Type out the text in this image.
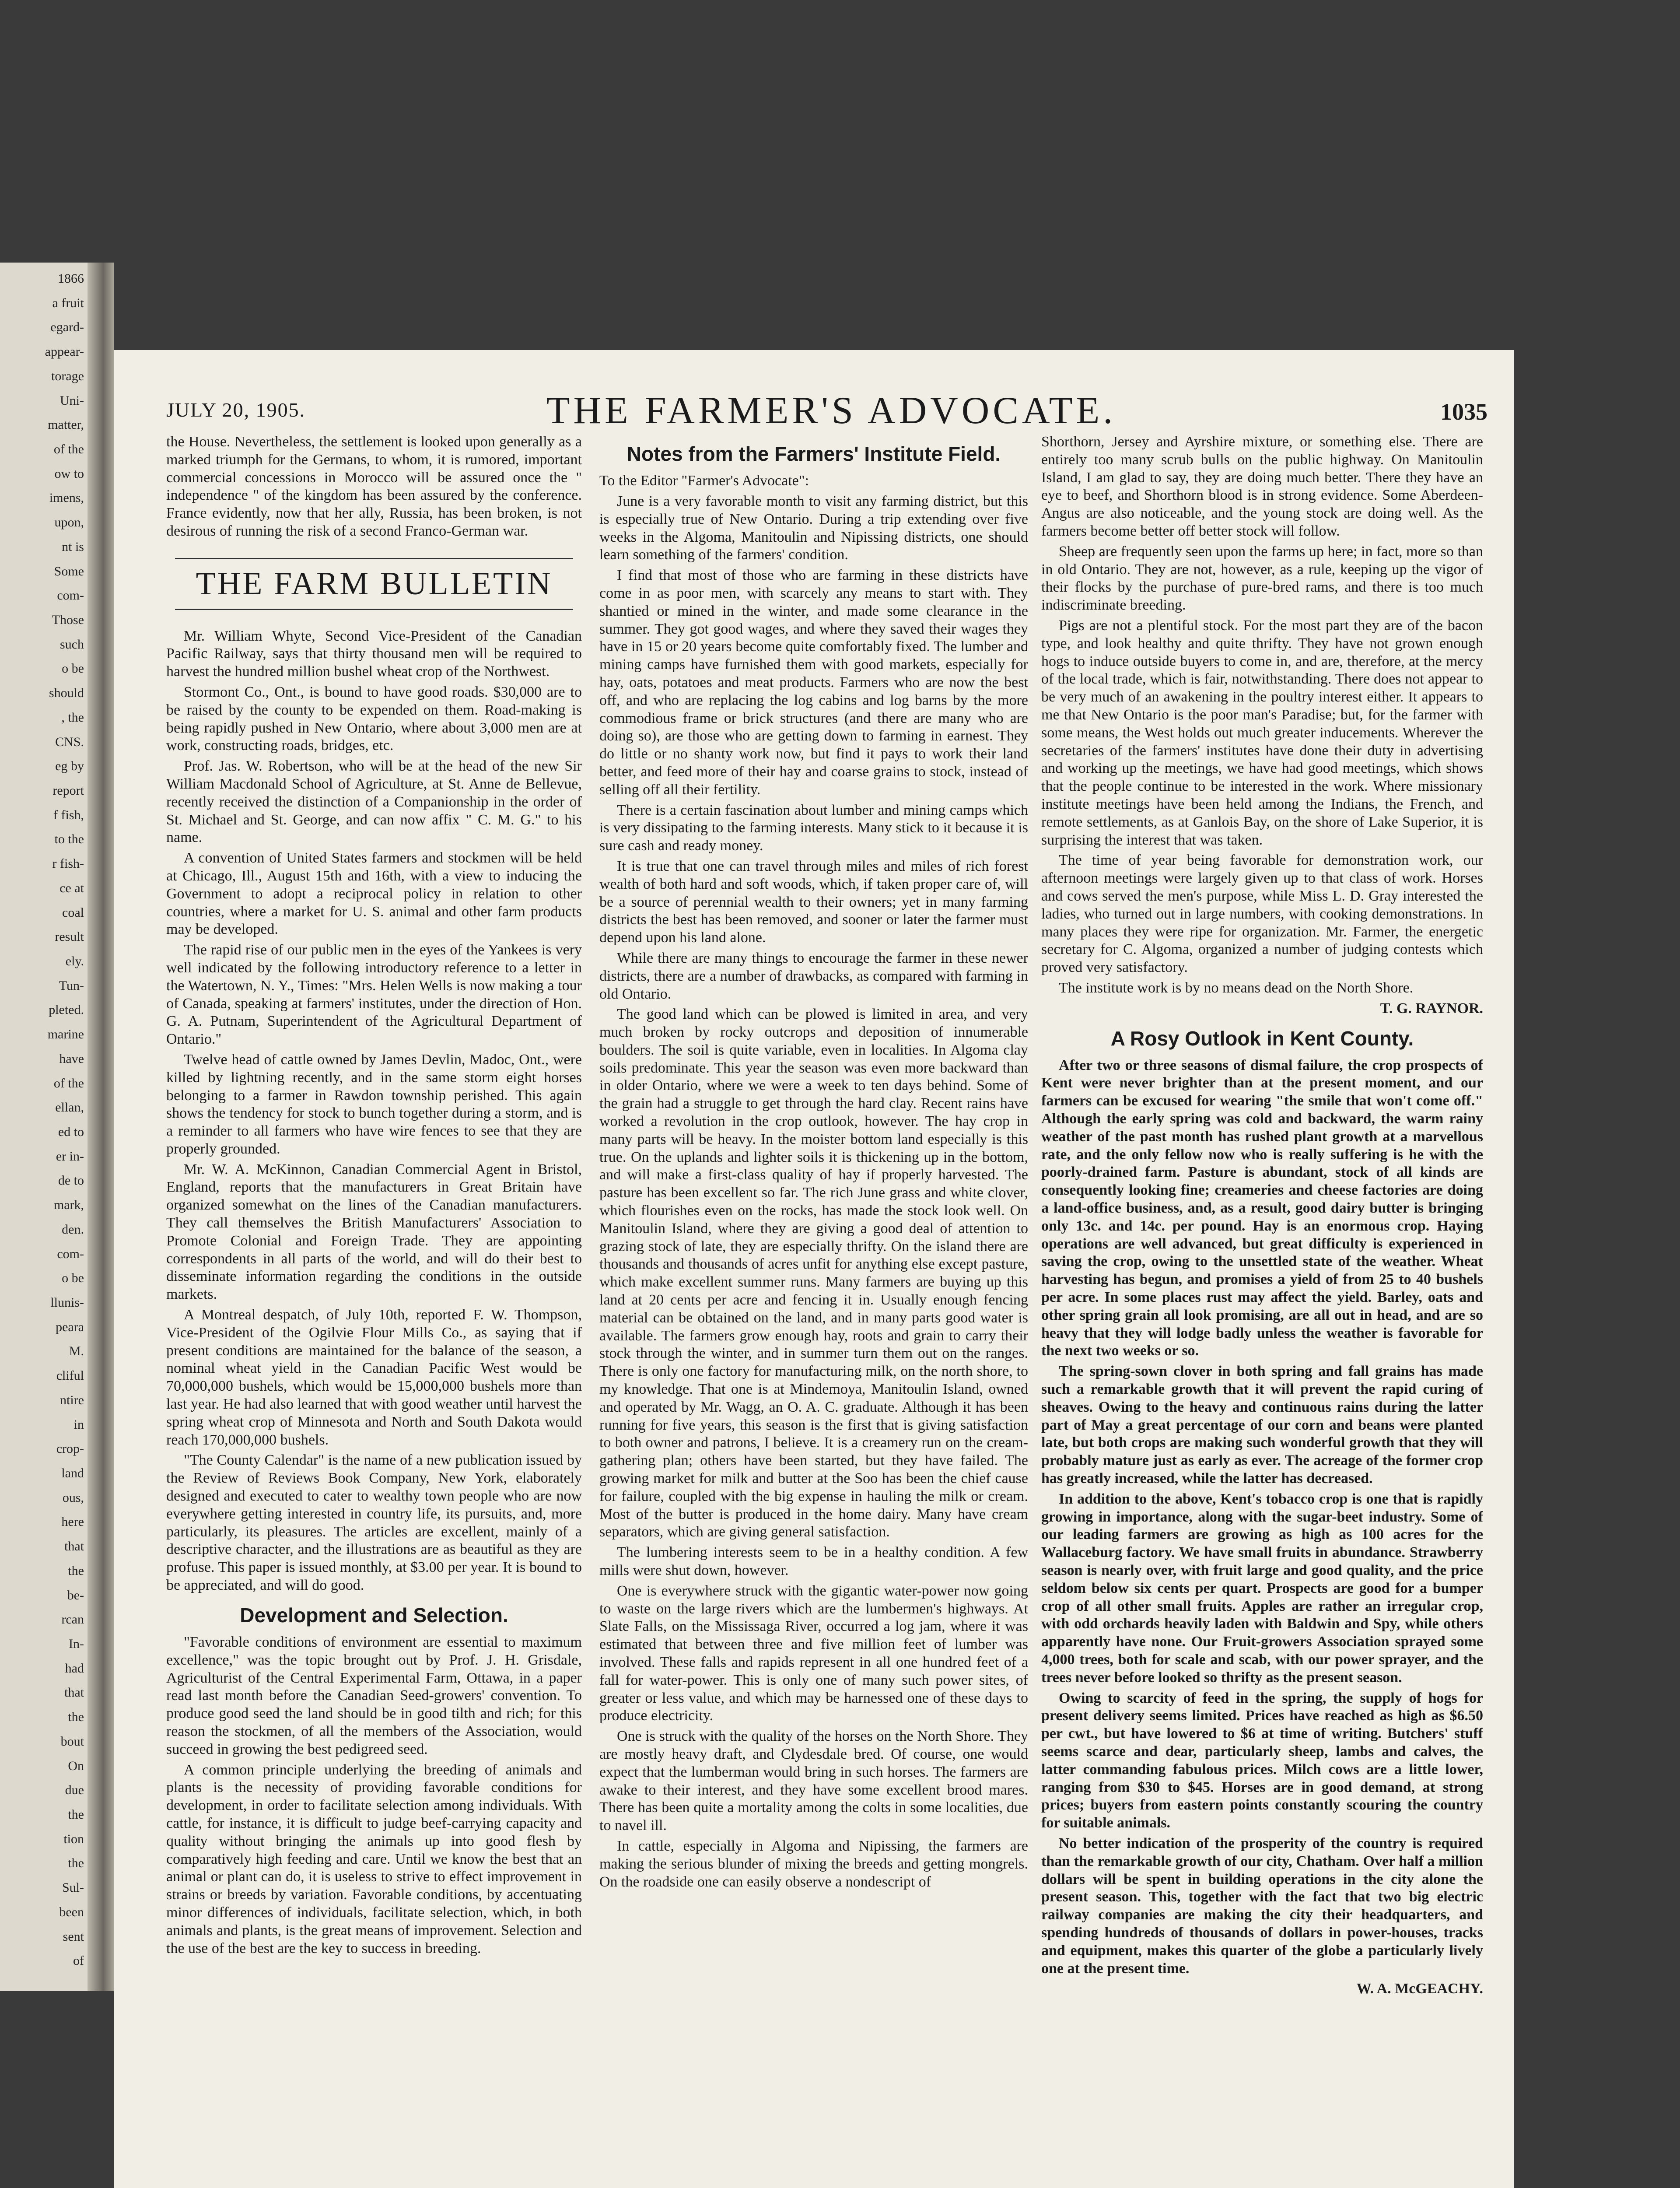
1866
a fruit
egard-
appear-
torage
Uni-
matter,
of the
ow to
imens,
upon,
nt is
Some
com-
Those
such
o be
should
, the
CNS.
eg by
report
f fish,
to the
r fish-
ce at
coal
result
ely.
Tun-
pleted.
marine
have
of the
ellan,
ed to
er in-
de to
mark,
den.
com-
o be
llunis-
peara
M.
cliful
ntire
in
crop-
land
ous,
here
that
the
be-
rcan
In-
had
that
the
bout
On
due
the
tion
the
Sul-
been
sent
of
JULY 20, 1905.	THE FARMER'S ADVOCATE.	1035

the House. Nevertheless, the settlement is looked upon generally as a marked triumph for the Germans, to whom, it is rumored, important commercial concessions in Morocco will be assured once the " independence " of the kingdom has been assured by the conference. France evidently, now that her ally, Russia, has been broken, is not desirous of running the risk of a second Franco-German war.

THE FARM BULLETIN

Mr. William Whyte, Second Vice-President of the Canadian Pacific Railway, says that thirty thousand men will be required to harvest the hundred million bushel wheat crop of the Northwest.

Stormont Co., Ont., is bound to have good roads. $30,000 are to be raised by the county to be expended on them. Road-making is being rapidly pushed in New Ontario, where about 3,000 men are at work, constructing roads, bridges, etc.

Prof. Jas. W. Robertson, who will be at the head of the new Sir William Macdonald School of Agriculture, at St. Anne de Bellevue, recently received the distinction of a Companionship in the order of St. Michael and St. George, and can now affix " C. M. G." to his name.

A convention of United States farmers and stockmen will be held at Chicago, Ill., August 15th and 16th, with a view to inducing the Government to adopt a reciprocal policy in relation to other countries, where a market for U. S. animal and other farm products may be developed.

The rapid rise of our public men in the eyes of the Yankees is very well indicated by the following introductory reference to a letter in the Watertown, N. Y., Times: "Mrs. Helen Wells is now making a tour of Canada, speaking at farmers' institutes, under the direction of Hon. G. A. Putnam, Superintendent of the Agricultural Department of Ontario."

Twelve head of cattle owned by James Devlin, Madoc, Ont., were killed by lightning recently, and in the same storm eight horses belonging to a farmer in Rawdon township perished. This again shows the tendency for stock to bunch together during a storm, and is a reminder to all farmers who have wire fences to see that they are properly grounded.

Mr. W. A. McKinnon, Canadian Commercial Agent in Bristol, England, reports that the manufacturers in Great Britain have organized somewhat on the lines of the Canadian manufacturers. They call themselves the British Manufacturers' Association to Promote Colonial and Foreign Trade. They are appointing correspondents in all parts of the world, and will do their best to disseminate information regarding the conditions in the outside markets.

A Montreal despatch, of July 10th, reported F. W. Thompson, Vice-President of the Ogilvie Flour Mills Co., as saying that if present conditions are maintained for the balance of the season, a nominal wheat yield in the Canadian Pacific West would be 70,000,000 bushels, which would be 15,000,000 bushels more than last year. He had also learned that with good weather until harvest the spring wheat crop of Minnesota and North and South Dakota would reach 170,000,000 bushels.

"The County Calendar" is the name of a new publication issued by the Review of Reviews Book Company, New York, elaborately designed and executed to cater to wealthy town people who are now everywhere getting interested in country life, its pursuits, and, more particularly, its pleasures. The articles are excellent, mainly of a descriptive character, and the illustrations are as beautiful as they are profuse. This paper is issued monthly, at $3.00 per year. It is bound to be appreciated, and will do good.

Development and Selection.

"Favorable conditions of environment are essential to maximum excellence," was the topic brought out by Prof. J. H. Grisdale, Agriculturist of the Central Experimental Farm, Ottawa, in a paper read last month before the Canadian Seed-growers' convention. To produce good seed the land should be in good tilth and rich; for this reason the stockmen, of all the members of the Association, would succeed in growing the best pedigreed seed.

A common principle underlying the breeding of animals and plants is the necessity of providing favorable conditions for development, in order to facilitate selection among individuals. With cattle, for instance, it is difficult to judge beef-carrying capacity and quality without bringing the animals up into good flesh by comparatively high feeding and care. Until we know the best that an animal or plant can do, it is useless to strive to effect improvement in strains or breeds by variation. Favorable conditions, by accentuating minor differences of individuals, facilitate selection, which, in both animals and plants, is the great means of improvement. Selection and the use of the best are the key to success in breeding.

Notes from the Farmers' Institute Field.

To the Editor "Farmer's Advocate":

June is a very favorable month to visit any farming district, but this is especially true of New Ontario. During a trip extending over five weeks in the Algoma, Manitoulin and Nipissing districts, one should learn something of the farmers' condition.

I find that most of those who are farming in these districts have come in as poor men, with scarcely any means to start with. They shantied or mined in the winter, and made some clearance in the summer. They got good wages, and where they saved their wages they have in 15 or 20 years become quite comfortably fixed. The lumber and mining camps have furnished them with good markets, especially for hay, oats, potatoes and meat products. Farmers who are now the best off, and who are replacing the log cabins and log barns by the more commodious frame or brick structures (and there are many who are doing so), are those who are getting down to farming in earnest. They do little or no shanty work now, but find it pays to work their land better, and feed more of their hay and coarse grains to stock, instead of selling off all their fertility.

There is a certain fascination about lumber and mining camps which is very dissipating to the farming interests. Many stick to it because it is sure cash and ready money.

It is true that one can travel through miles and miles of rich forest wealth of both hard and soft woods, which, if taken proper care of, will be a source of perennial wealth to their owners; yet in many farming districts the best has been removed, and sooner or later the farmer must depend upon his land alone.

While there are many things to encourage the farmer in these newer districts, there are a number of drawbacks, as compared with farming in old Ontario.

The good land which can be plowed is limited in area, and very much broken by rocky outcrops and deposition of innumerable boulders. The soil is quite variable, even in localities. In Algoma clay soils predominate. This year the season was even more backward than in older Ontario, where we were a week to ten days behind. Some of the grain had a struggle to get through the hard clay. Recent rains have worked a revolution in the crop outlook, however. The hay crop in many parts will be heavy. In the moister bottom land especially is this true. On the uplands and lighter soils it is thickening up in the bottom, and will make a first-class quality of hay if properly harvested. The pasture has been excellent so far. The rich June grass and white clover, which flourishes even on the rocks, has made the stock look well. On Manitoulin Island, where they are giving a good deal of attention to grazing stock of late, they are especially thrifty. On the island there are thousands and thousands of acres unfit for anything else except pasture, which make excellent summer runs. Many farmers are buying up this land at 20 cents per acre and fencing it in. Usually enough fencing material can be obtained on the land, and in many parts good water is available. The farmers grow enough hay, roots and grain to carry their stock through the winter, and in summer turn them out on the ranges. There is only one factory for manufacturing milk, on the north shore, to my knowledge. That one is at Mindemoya, Manitoulin Island, owned and operated by Mr. Wagg, an O. A. C. graduate. Although it has been running for five years, this season is the first that is giving satisfaction to both owner and patrons, I believe. It is a creamery run on the cream-gathering plan; others have been started, but they have failed. The growing market for milk and butter at the Soo has been the chief cause for failure, coupled with the big expense in hauling the milk or cream. Most of the butter is produced in the home dairy. Many have cream separators, which are giving general satisfaction.

The lumbering interests seem to be in a healthy condition. A few mills were shut down, however.

One is everywhere struck with the gigantic water-power now going to waste on the large rivers which are the lumbermen's highways. At Slate Falls, on the Mississaga River, occurred a log jam, where it was estimated that between three and five million feet of lumber was involved. These falls and rapids represent in all one hundred feet of a fall for water-power. This is only one of many such power sites, of greater or less value, and which may be harnessed one of these days to produce electricity.

One is struck with the quality of the horses on the North Shore. They are mostly heavy draft, and Clydesdale bred. Of course, one would expect that the lumberman would bring in such horses. The farmers are awake to their interest, and they have some excellent brood mares. There has been quite a mortality among the colts in some localities, due to navel ill.

In cattle, especially in Algoma and Nipissing, the farmers are making the serious blunder of mixing the breeds and getting mongrels. On the roadside one can easily observe a nondescript of

Shorthorn, Jersey and Ayrshire mixture, or something else. There are entirely too many scrub bulls on the public highway. On Manitoulin Island, I am glad to say, they are doing much better. There they have an eye to beef, and Shorthorn blood is in strong evidence. Some Aberdeen-Angus are also noticeable, and the young stock are doing well. As the farmers become better off better stock will follow.

Sheep are frequently seen upon the farms up here; in fact, more so than in old Ontario. They are not, however, as a rule, keeping up the vigor of their flocks by the purchase of pure-bred rams, and there is too much indiscriminate breeding.

Pigs are not a plentiful stock. For the most part they are of the bacon type, and look healthy and quite thrifty. They have not grown enough hogs to induce outside buyers to come in, and are, therefore, at the mercy of the local trade, which is fair, notwithstanding. There does not appear to be very much of an awakening in the poultry interest either. It appears to me that New Ontario is the poor man's Paradise; but, for the farmer with some means, the West holds out much greater inducements. Wherever the secretaries of the farmers' institutes have done their duty in advertising and working up the meetings, we have had good meetings, which shows that the people continue to be interested in the work. Where missionary institute meetings have been held among the Indians, the French, and remote settlements, as at Ganlois Bay, on the shore of Lake Superior, it is surprising the interest that was taken.

The time of year being favorable for demonstration work, our afternoon meetings were largely given up to that class of work. Horses and cows served the men's purpose, while Miss L. D. Gray interested the ladies, who turned out in large numbers, with cooking demonstrations. In many places they were ripe for organization. Mr. Farmer, the energetic secretary for C. Algoma, organized a number of judging contests which proved very satisfactory.

The institute work is by no means dead on the North Shore.

T. G. RAYNOR.
A Rosy Outlook in Kent County.

After two or three seasons of dismal failure, the crop prospects of Kent were never brighter than at the present moment, and our farmers can be excused for wearing "the smile that won't come off." Although the early spring was cold and backward, the warm rainy weather of the past month has rushed plant growth at a marvellous rate, and the only fellow now who is really suffering is he with the poorly-drained farm. Pasture is abundant, stock of all kinds are consequently looking fine; creameries and cheese factories are doing a land-office business, and, as a result, good dairy butter is bringing only 13c. and 14c. per pound. Hay is an enormous crop. Haying operations are well advanced, but great difficulty is experienced in saving the crop, owing to the unsettled state of the weather. Wheat harvesting has begun, and promises a yield of from 25 to 40 bushels per acre. In some places rust may affect the yield. Barley, oats and other spring grain all look promising, are all out in head, and are so heavy that they will lodge badly unless the weather is favorable for the next two weeks or so.

The spring-sown clover in both spring and fall grains has made such a remarkable growth that it will prevent the rapid curing of sheaves. Owing to the heavy and continuous rains during the latter part of May a great percentage of our corn and beans were planted late, but both crops are making such wonderful growth that they will probably mature just as early as ever. The acreage of the former crop has greatly increased, while the latter has decreased.

In addition to the above, Kent's tobacco crop is one that is rapidly growing in importance, along with the sugar-beet industry. Some of our leading farmers are growing as high as 100 acres for the Wallaceburg factory. We have small fruits in abundance. Strawberry season is nearly over, with fruit large and good quality, and the price seldom below six cents per quart. Prospects are good for a bumper crop of all other small fruits. Apples are rather an irregular crop, with odd orchards heavily laden with Baldwin and Spy, while others apparently have none. Our Fruit-growers Association sprayed some 4,000 trees, both for scale and scab, with our power sprayer, and the trees never before looked so thrifty as the present season.

Owing to scarcity of feed in the spring, the supply of hogs for present delivery seems limited. Prices have reached as high as $6.50 per cwt., but have lowered to $6 at time of writing. Butchers' stuff seems scarce and dear, particularly sheep, lambs and calves, the latter commanding fabulous prices. Milch cows are a little lower, ranging from $30 to $45. Horses are in good demand, at strong prices; buyers from eastern points constantly scouring the country for suitable animals.

No better indication of the prosperity of the country is required than the remarkable growth of our city, Chatham. Over half a million dollars will be spent in building operations in the city alone the present season. This, together with the fact that two big electric railway companies are making the city their headquarters, and spending hundreds of thousands of dollars in power-houses, tracks and equipment, makes this quarter of the globe a particularly lively one at the present time.

W. A. McGEACHY.
